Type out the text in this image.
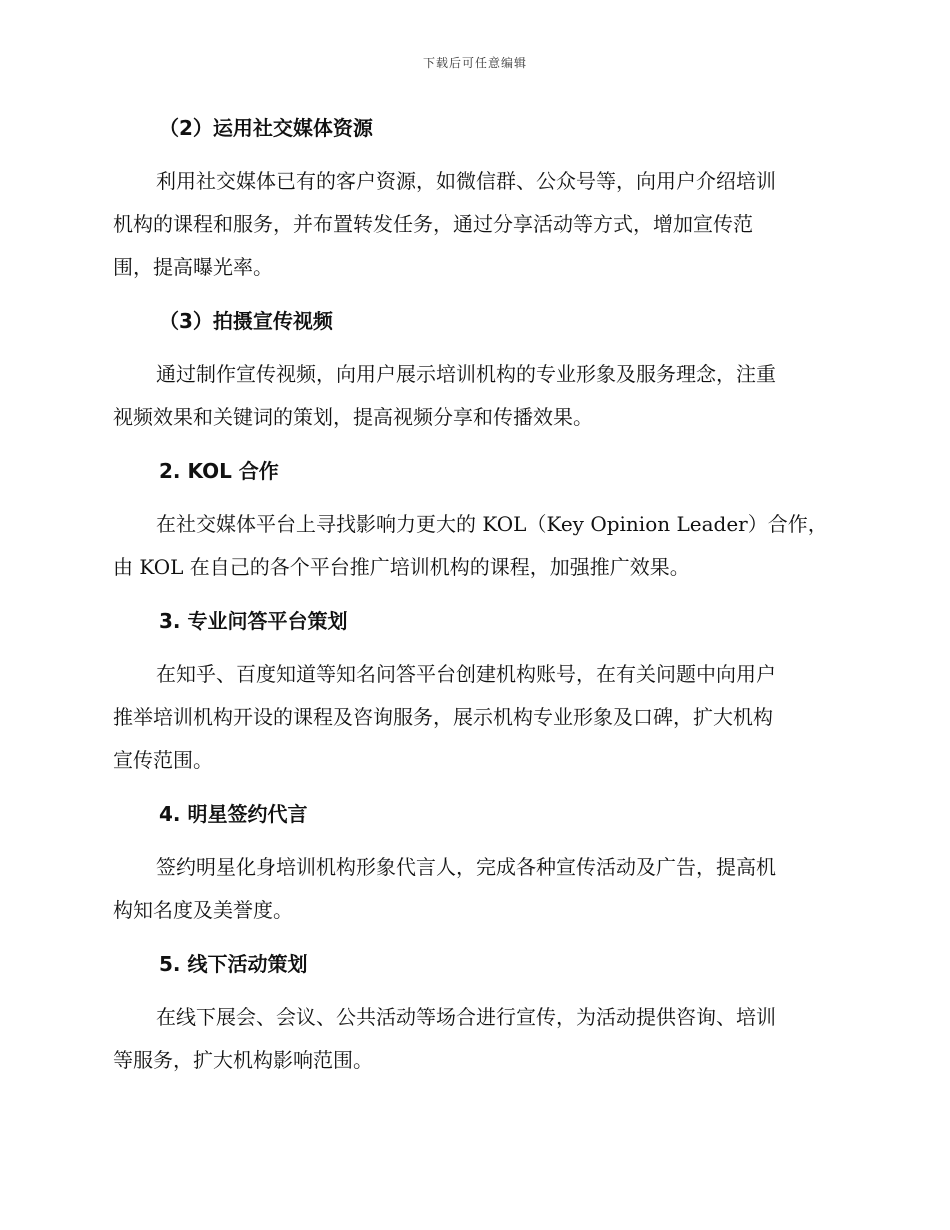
下载后可任意编辑
（2）运用社交媒体资源
利用社交媒体已有的客户资源，如微信群、公众号等，向用户介绍培训
机构的课程和服务，并布置转发任务，通过分享活动等方式，增加宣传范
围，提高曝光率。
（3）拍摄宣传视频
通过制作宣传视频，向用户展示培训机构的专业形象及服务理念，注重
视频效果和关键词的策划，提高视频分享和传播效果。
2. KOL 合作
在社交媒体平台上寻找影响力更大的 KOL（Key Opinion Leader）合作，
由 KOL 在自己的各个平台推广培训机构的课程，加强推广效果。
3. 专业问答平台策划
在知乎、百度知道等知名问答平台创建机构账号，在有关问题中向用户
推举培训机构开设的课程及咨询服务，展示机构专业形象及口碑，扩大机构
宣传范围。
4. 明星签约代言
签约明星化身培训机构形象代言人，完成各种宣传活动及广告，提高机
构知名度及美誉度。
5. 线下活动策划
在线下展会、会议、公共活动等场合进行宣传，为活动提供咨询、培训
等服务，扩大机构影响范围。
